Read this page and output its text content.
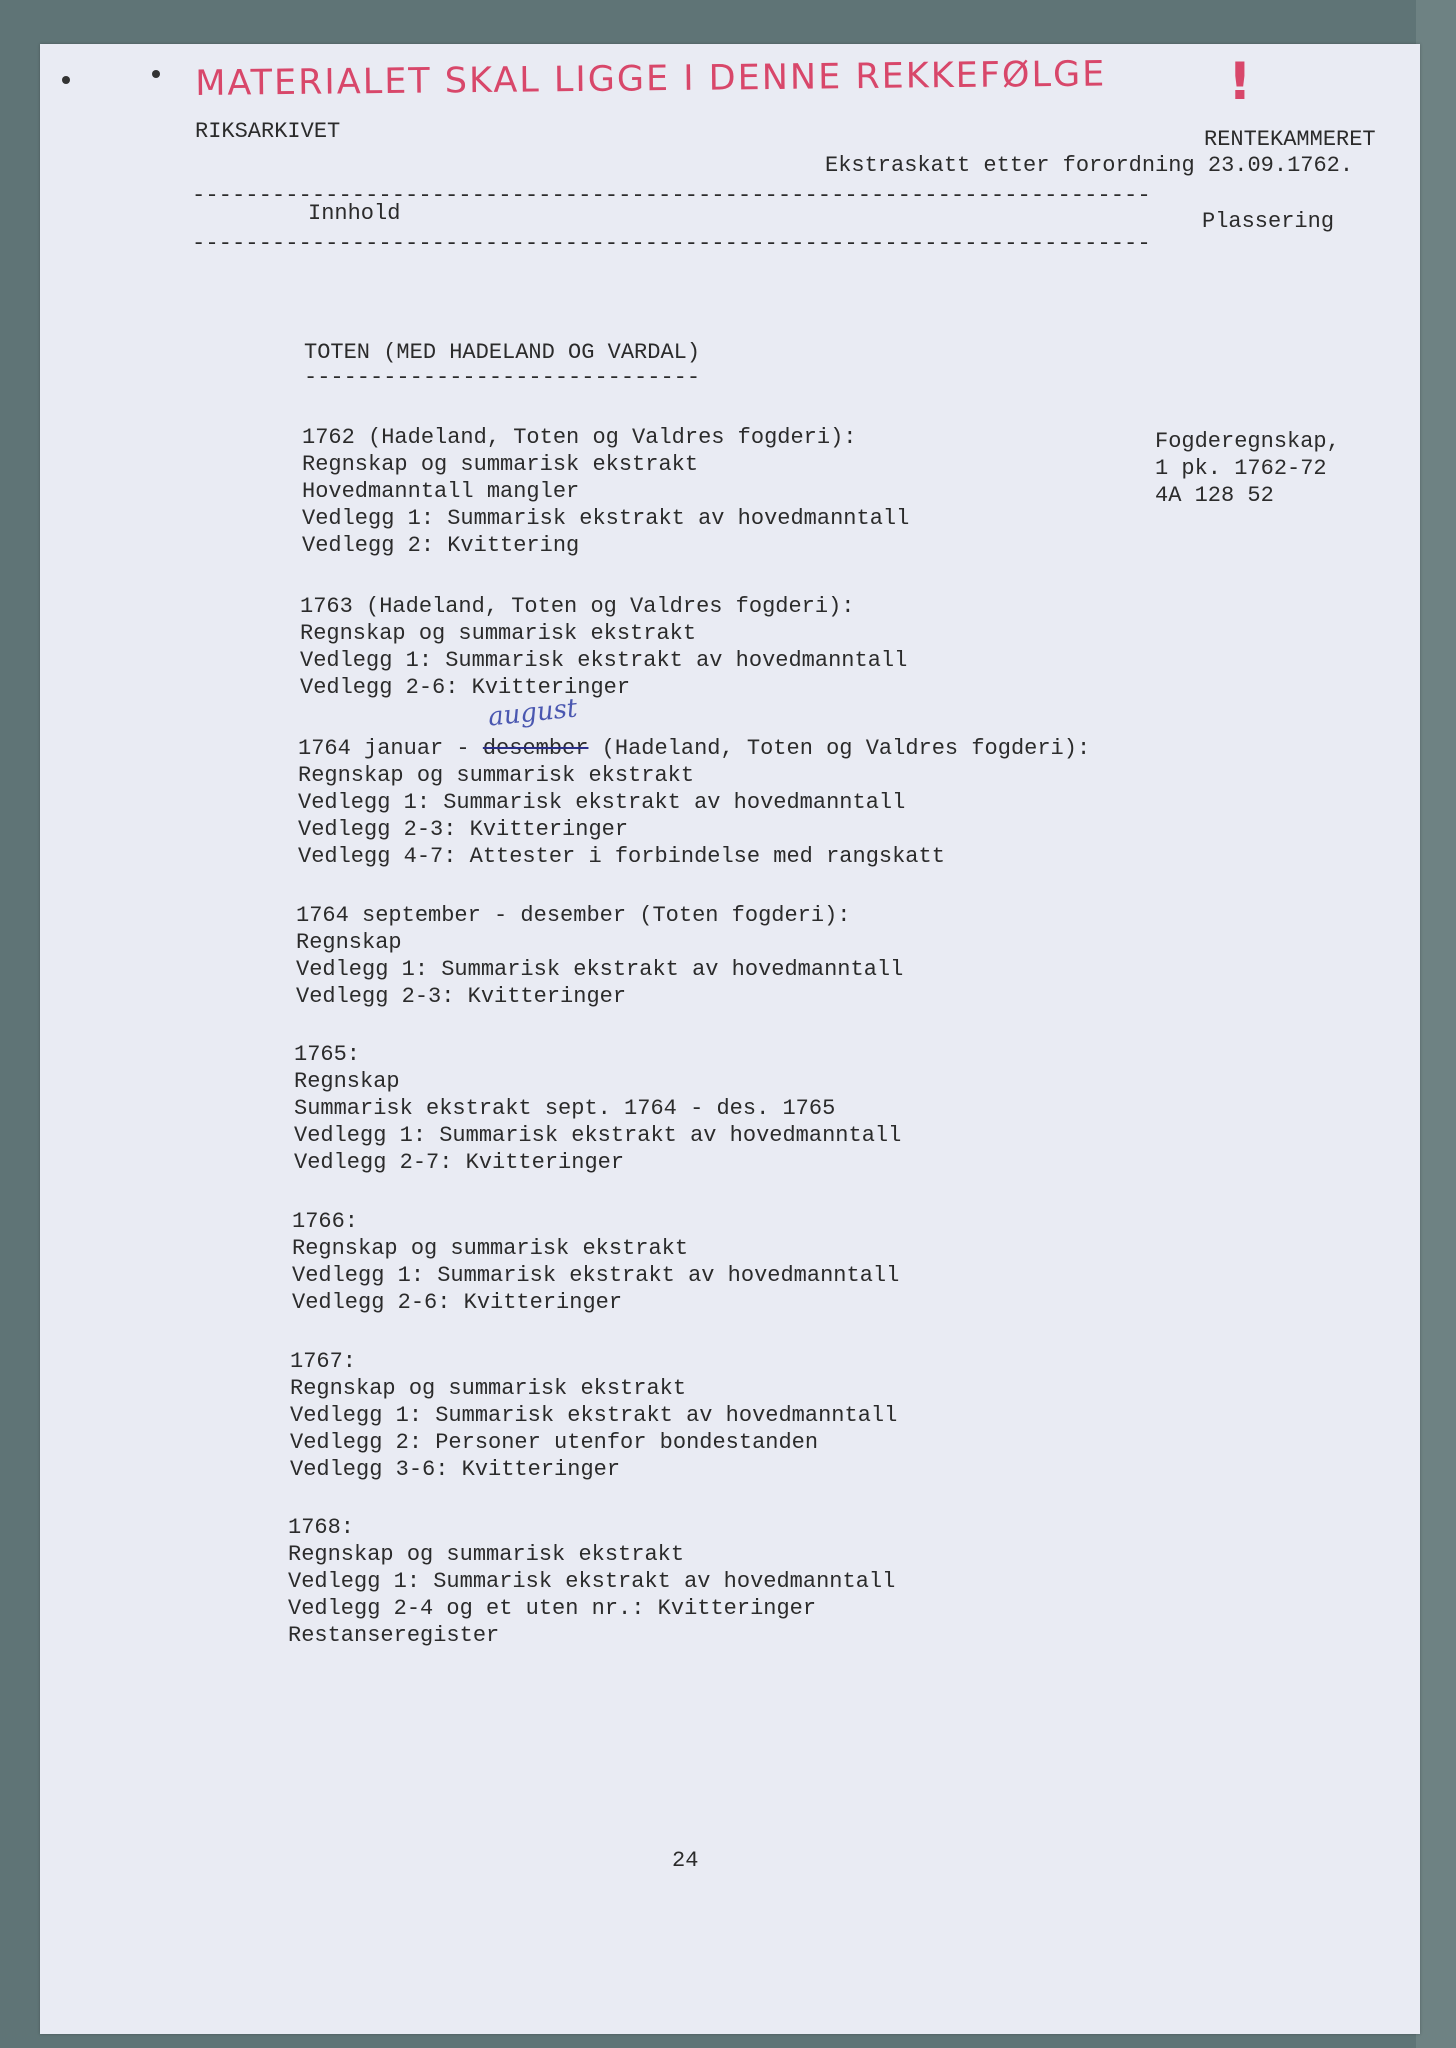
MATERIALET SKAL LIGGE I DENNE REKKEFØLGE !
RIKSARKIVET	RENTEKAMMERET
Ekstraskatt etter forordning 23.09.1762.
------------------------------------------------------------------------
Innhold	Plassering
------------------------------------------------------------------------
TOTEN (MED HADELAND OG VARDAL)
------------------------------
Fogderegnskap,
1 pk. 1762-72
4A 128 52
1762 (Hadeland, Toten og Valdres fogderi):
Regnskap og summarisk ekstrakt
Hovedmanntall mangler
Vedlegg 1: Summarisk ekstrakt av hovedmanntall
Vedlegg 2: Kvittering
1763 (Hadeland, Toten og Valdres fogderi):
Regnskap og summarisk ekstrakt
Vedlegg 1: Summarisk ekstrakt av hovedmanntall
Vedlegg 2-6: Kvitteringer
august
1764 januar - desember (Hadeland, Toten og Valdres fogderi):
Regnskap og summarisk ekstrakt
Vedlegg 1: Summarisk ekstrakt av hovedmanntall
Vedlegg 2-3: Kvitteringer
Vedlegg 4-7: Attester i forbindelse med rangskatt
1764 september - desember (Toten fogderi):
Regnskap
Vedlegg 1: Summarisk ekstrakt av hovedmanntall
Vedlegg 2-3: Kvitteringer
1765:
Regnskap
Summarisk ekstrakt sept. 1764 - des. 1765
Vedlegg 1: Summarisk ekstrakt av hovedmanntall
Vedlegg 2-7: Kvitteringer
1766:
Regnskap og summarisk ekstrakt
Vedlegg 1: Summarisk ekstrakt av hovedmanntall
Vedlegg 2-6: Kvitteringer
1767:
Regnskap og summarisk ekstrakt
Vedlegg 1: Summarisk ekstrakt av hovedmanntall
Vedlegg 2: Personer utenfor bondestanden
Vedlegg 3-6: Kvitteringer
1768:
Regnskap og summarisk ekstrakt
Vedlegg 1: Summarisk ekstrakt av hovedmanntall
Vedlegg 2-4 og et uten nr.: Kvitteringer
Restanseregister
24
